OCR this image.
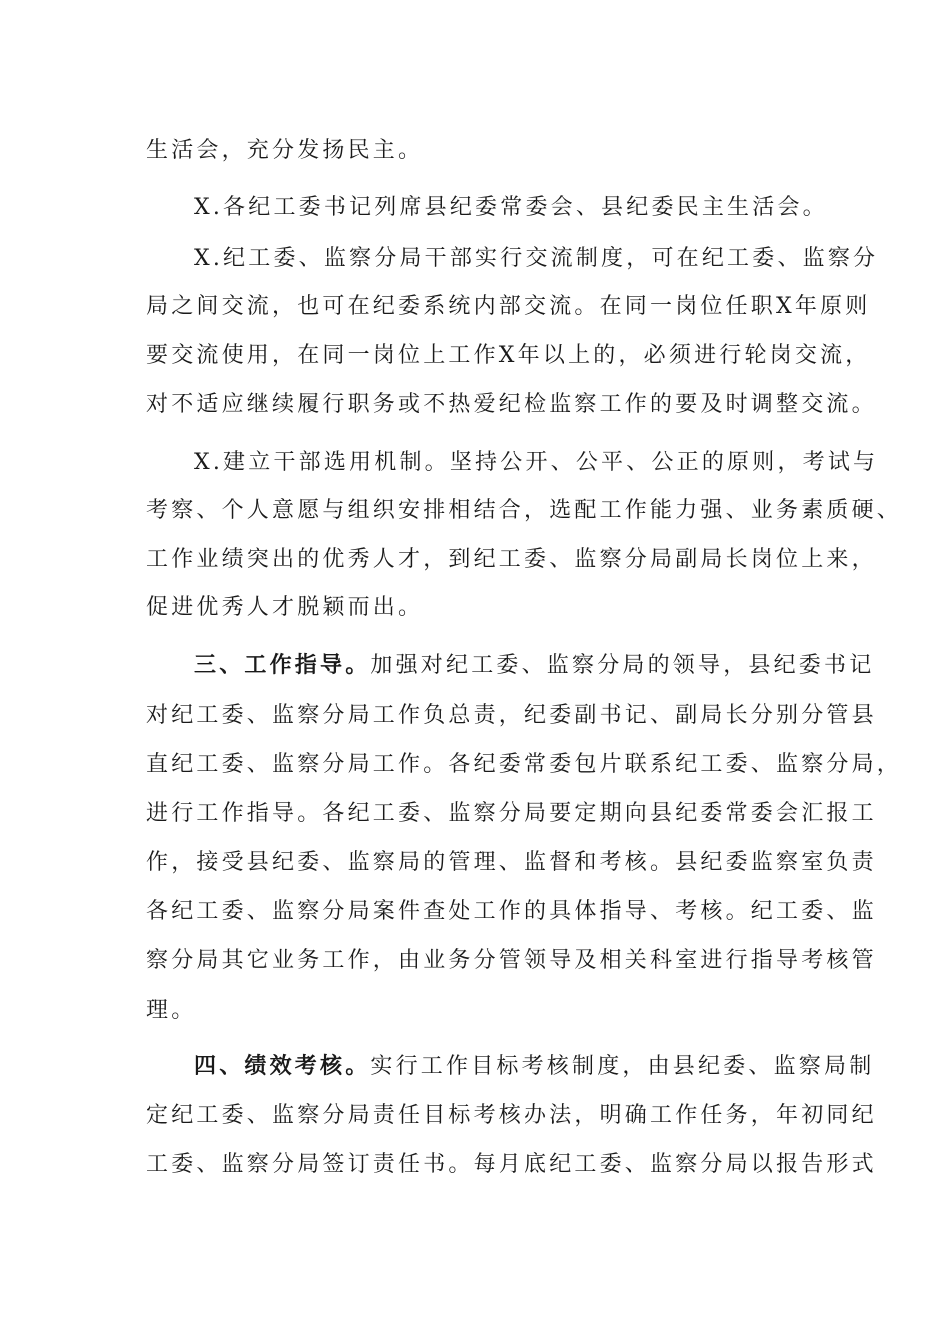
生活会，充分发扬民主。
X.各纪工委书记列席县纪委常委会、县纪委民主生活会。
X.纪工委、监察分局干部实行交流制度，可在纪工委、监察分
局之间交流，也可在纪委系统内部交流。在同一岗位任职X年原则
要交流使用，在同一岗位上工作X年以上的，必须进行轮岗交流，
对不适应继续履行职务或不热爱纪检监察工作的要及时调整交流。
X.建立干部选用机制。坚持公开、公平、公正的原则，考试与
考察、个人意愿与组织安排相结合，选配工作能力强、业务素质硬、
工作业绩突出的优秀人才，到纪工委、监察分局副局长岗位上来，
促进优秀人才脱颖而出。
三、工作指导。加强对纪工委、监察分局的领导，县纪委书记
对纪工委、监察分局工作负总责，纪委副书记、副局长分别分管县
直纪工委、监察分局工作。各纪委常委包片联系纪工委、监察分局，
进行工作指导。各纪工委、监察分局要定期向县纪委常委会汇报工
作，接受县纪委、监察局的管理、监督和考核。县纪委监察室负责
各纪工委、监察分局案件查处工作的具体指导、考核。纪工委、监
察分局其它业务工作，由业务分管领导及相关科室进行指导考核管
理。
四、绩效考核。实行工作目标考核制度，由县纪委、监察局制
定纪工委、监察分局责任目标考核办法，明确工作任务，年初同纪
工委、监察分局签订责任书。每月底纪工委、监察分局以报告形式
